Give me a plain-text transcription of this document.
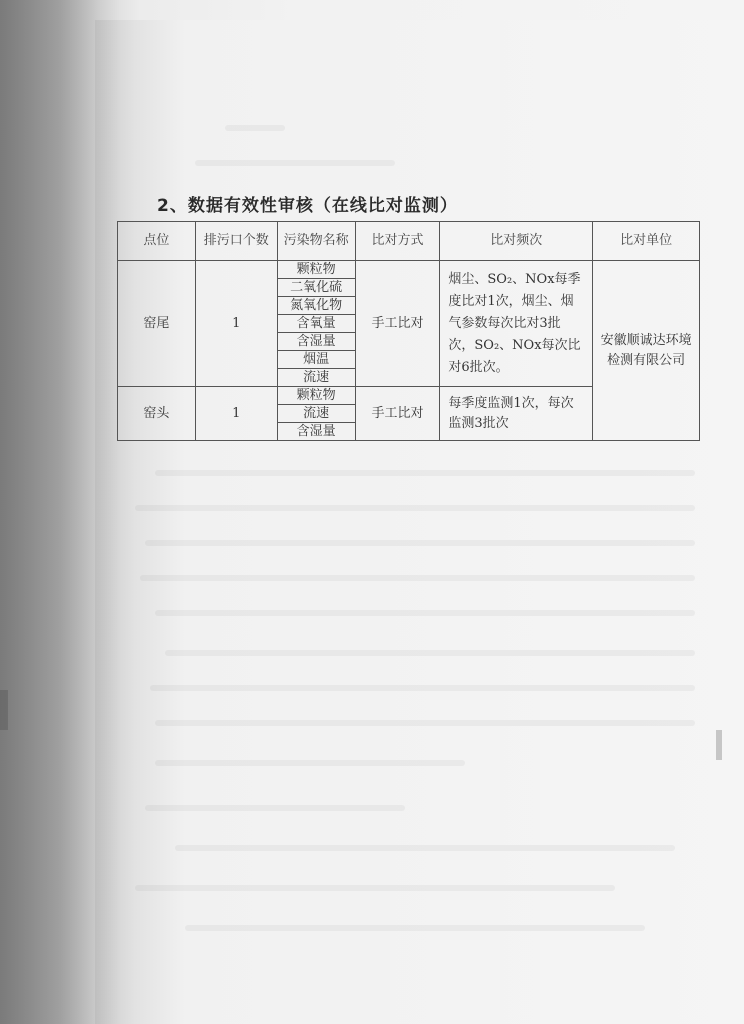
2、数据有效性审核（在线比对监测）
点位	排污口个数	污染物名称	比对方式	比对频次	比对单位
窑尾	1	颗粒物	手工比对	烟尘、SO₂、NOx每季度比对1次，烟尘、烟气参数每次比对3批次，SO₂、NOx每次比对6批次。	安徽顺诚达环境检测有限公司
		二氧化硫			
		氮氧化物			
		含氧量			
		含湿量			
		烟温			
		流速			
窑头	1	颗粒物	手工比对	每季度监测1次，每次监测3批次	
		流速			
		含湿量			
